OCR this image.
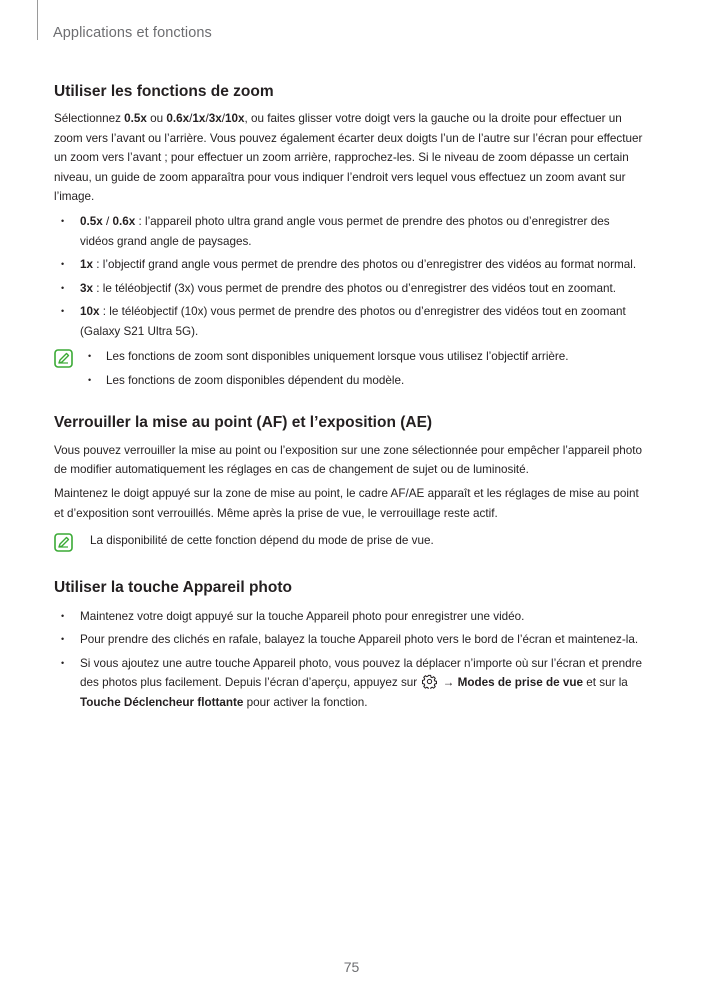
Applications et fonctions
Utiliser les fonctions de zoom

Sélectionnez 0.5x ou 0.6x/1x/3x/10x, ou faites glisser votre doigt vers la gauche ou la droite pour effectuer un zoom vers l’avant ou l’arrière. Vous pouvez également écarter deux doigts l’un de l’autre sur l’écran pour effectuer un zoom vers l’avant ; pour effectuer un zoom arrière, rapprochez-les. Si le niveau de zoom dépasse un certain niveau, un guide de zoom apparaîtra pour vous indiquer l’endroit vers lequel vous effectuez un zoom avant sur l’image.

• 0.5x / 0.6x : l’appareil photo ultra grand angle vous permet de prendre des photos ou d’enregistrer des vidéos grand angle de paysages.
• 1x : l’objectif grand angle vous permet de prendre des photos ou d’enregistrer des vidéos au format normal.
• 3x : le téléobjectif (3x) vous permet de prendre des photos ou d’enregistrer des vidéos tout en zoomant.
• 10x : le téléobjectif (10x) vous permet de prendre des photos ou d’enregistrer des vidéos tout en zoomant (Galaxy S21 Ultra 5G).
• Les fonctions de zoom sont disponibles uniquement lorsque vous utilisez l’objectif arrière.
• Les fonctions de zoom disponibles dépendent du modèle.
Verrouiller la mise au point (AF) et l’exposition (AE)

Vous pouvez verrouiller la mise au point ou l’exposition sur une zone sélectionnée pour empêcher l’appareil photo de modifier automatiquement les réglages en cas de changement de sujet ou de luminosité.

Maintenez le doigt appuyé sur la zone de mise au point, le cadre AF/AE apparaît et les réglages de mise au point et d’exposition sont verrouillés. Même après la prise de vue, le verrouillage reste actif.

La disponibilité de cette fonction dépend du mode de prise de vue.

Utiliser la touche Appareil photo
• Maintenez votre doigt appuyé sur la touche Appareil photo pour enregistrer une vidéo.
• Pour prendre des clichés en rafale, balayez la touche Appareil photo vers le bord de l’écran et maintenez-la.
• Si vous ajoutez une autre touche Appareil photo, vous pouvez la déplacer n’importe où sur l’écran et prendre des photos plus facilement. Depuis l’écran d’aperçu, appuyez sur  → Modes de prise de vue et sur la Touche Déclencheur flottante pour activer la fonction.
75
